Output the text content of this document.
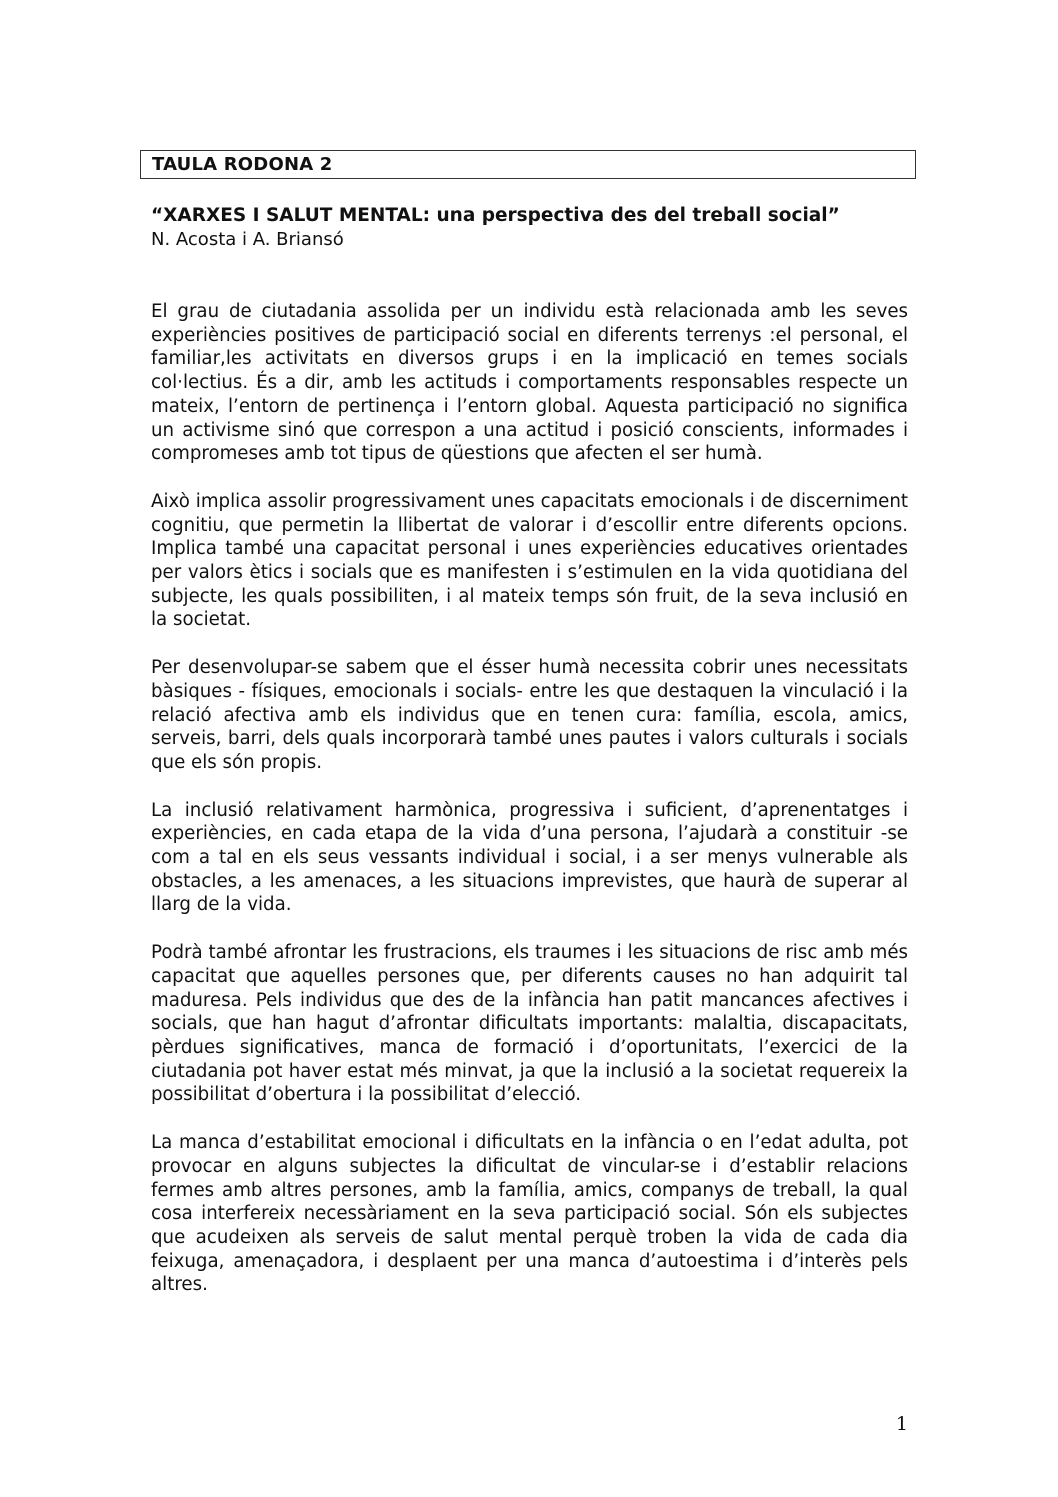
TAULA RODONA 2
“XARXES I SALUT MENTAL: una perspectiva des del treball social”
N. Acosta i A. Briansó

El grau de ciutadania assolida per un individu està relacionada amb les seves experiències positives de participació social en diferents terrenys :el personal, el familiar,les activitats en diversos grups i en la implicació en temes socials col·lectius. És a dir, amb les actituds i comportaments responsables respecte un mateix, l’entorn de pertinença i l’entorn global. Aquesta participació no significa un activisme sinó que correspon a una actitud i posició conscients, informades i compromeses amb tot tipus de qüestions que afecten el ser humà.

Això implica assolir progressivament unes capacitats emocionals i de discerniment cognitiu, que permetin la llibertat de valorar i d’escollir entre diferents opcions. Implica també una capacitat personal i unes experiències educatives orientades per valors ètics i socials que es manifesten i s’estimulen en la vida quotidiana del subjecte, les quals possibiliten, i al mateix temps són fruit, de la seva inclusió en la societat.

Per desenvolupar-se sabem que el ésser humà necessita cobrir unes necessitats bàsiques - físiques, emocionals i socials- entre les que destaquen la vinculació i la relació afectiva amb els individus que en tenen cura: família, escola, amics, serveis, barri, dels quals incorporarà també unes pautes i valors culturals i socials que els són propis.

La inclusió relativament harmònica, progressiva i suficient, d’aprenentatges i experiències, en cada etapa de la vida d’una persona, l’ajudarà a constituir -se com a tal en els seus vessants individual i social, i a ser menys vulnerable als obstacles, a les amenaces, a les situacions imprevistes, que haurà de superar al llarg de la vida.

Podrà també afrontar les frustracions, els traumes i les situacions de risc amb més capacitat que aquelles persones que, per diferents causes no han adquirit tal maduresa. Pels individus que des de la infància han patit mancances afectives i socials, que han hagut d’afrontar dificultats importants: malaltia, discapacitats, pèrdues significatives, manca de formació i d’oportunitats, l’exercici de la ciutadania pot haver estat més minvat, ja que la inclusió a la societat requereix la possibilitat d’obertura i la possibilitat d’elecció.

La manca d’estabilitat emocional i dificultats en la infància o en l’edat adulta, pot provocar en alguns subjectes la dificultat de vincular-se i d’establir relacions fermes amb altres persones, amb la família, amics, companys de treball, la qual cosa interfereix necessàriament en la seva participació social. Són els subjectes que acudeixen als serveis de salut mental perquè troben la vida de cada dia feixuga, amenaçadora, i desplaent per una manca d’autoestima i d’interès pels altres.

1
